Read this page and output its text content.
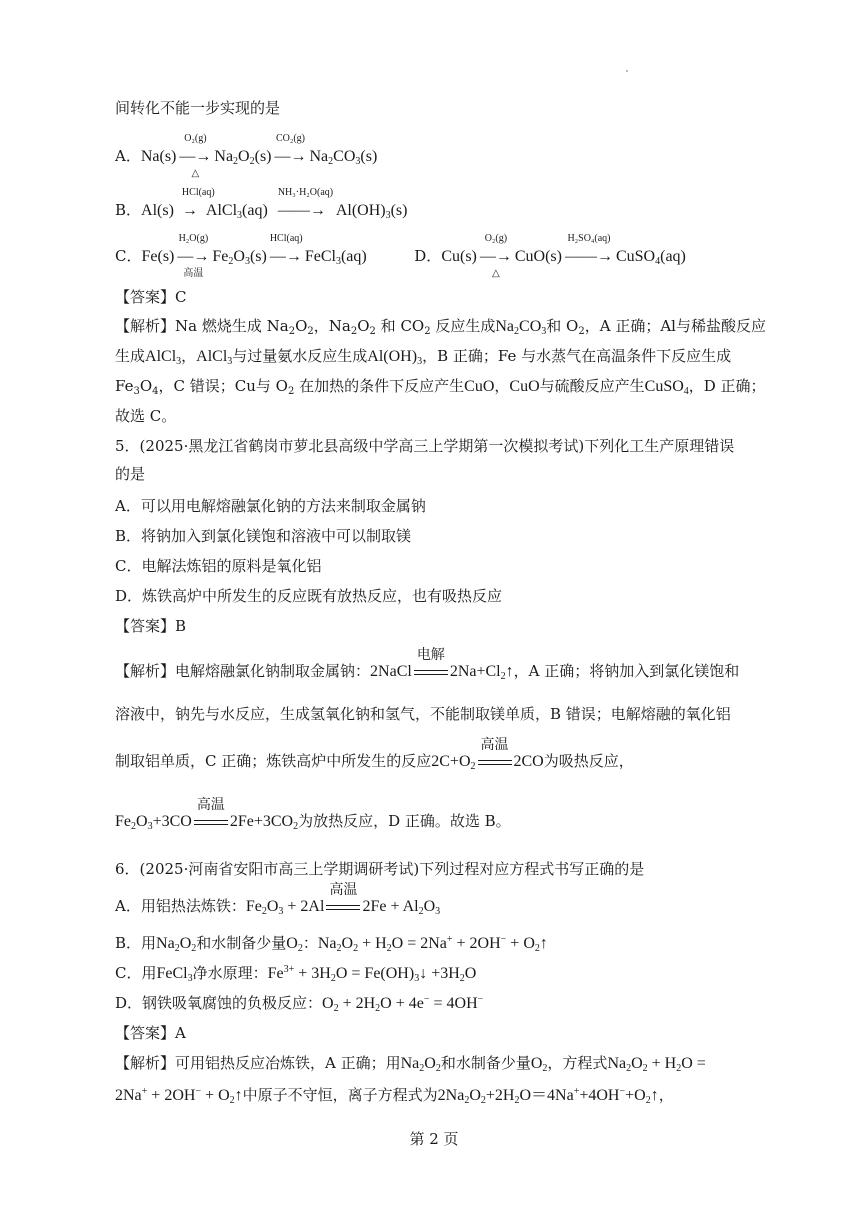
间转化不能一步实现的是
A．Na(s)
O₂(g)
—→
△
$Na_2O_2(s)$
CO₂(g)
—→ $Na_2CO_3(s)$
B．Al(s)
HCl(aq)
→ AlCl$_3$(aq)
NH₃·H₂O(aq)
——→ $Al(OH)_3(s)$
C．Fe(s)
H₂O(g)
—→
高温
$Fe_2O_3(s)$
HCl(aq)
—→ FeCl$_3$(aq)	D．Cu(s)
O₂(g)
—→
△
CuO(s)
H₂SO₄(aq)
——→ CuSO$_4$(aq)
【答案】C
【解析】Na 燃烧生成 $Na_2O_2$，$Na_2O_2$ 和 $CO_2$ 反应生成$Na_2CO_3$和 $O_2$，A 正确；Al与稀盐酸反应
生成AlCl$_3$，AlCl$_3$与过量氨水反应生成$Al(OH)_3$，B 正确；Fe 与水蒸气在高温条件下反应生成
$Fe_3O_4$，C 错误；Cu与 $O_2$ 在加热的条件下反应产生CuO，CuO与硫酸反应产生CuSO$_4$，D 正确；
故选 C。
5．(2025·黑龙江省鹤岗市萝北县高级中学高三上学期第一次模拟考试)下列化工生产原理错误
的是
A．可以用电解熔融氯化钠的方法来制取金属钠
B．将钠加入到氯化镁饱和溶液中可以制取镁
C．电解法炼铝的原料是氧化铝
D．炼铁高炉中所发生的反应既有放热反应，也有吸热反应
【答案】B
【解析】电解熔融氯化钠制取金属钠：2NaCl
电解
$2Na+Cl_2↑$，A 正确；将钠加入到氯化镁饱和
溶液中，钠先与水反应，生成氢氧化钠和氢气，不能制取镁单质，B 错误；电解熔融的氧化铝
制取铝单质，C 正确；炼铁高炉中所发生的反应$2C+O_2$
高温
2CO为吸热反应，
$Fe_2O_3+3CO$
高温
$2Fe+3CO_2$为放热反应，D 正确。故选 B。
6．(2025·河南省安阳市高三上学期调研考试)下列过程对应方程式书写正确的是
A．用铝热法炼铁：$Fe_2O_3 + 2Al$
高温
$2Fe + Al_2O_3$
B．用$Na_2O_2$和水制备少量$O_2$：$Na_2O_2 + H_2O = 2Na^+ + 2OH^-$ + $O_2↑$
C．用FeCl$_3$净水原理：$Fe^{3+} + 3H_2O$ = $Fe(OH)_3↓ +3H_2O$
D．钢铁吸氧腐蚀的负极反应：$O_2 + 2H_2O + 4e^- = 4OH^-$
【答案】A
【解析】可用铝热反应冶炼铁，A 正确；用$Na_2O_2$和水制备少量$O_2$，方程式$Na_2O_2 + H_2O$ =
$2Na^+ + 2OH^- + O_2↑$中原子不守恒，离子方程式为$2Na_2O_2+2H_2O=4Na^++4OH^-+O_2↑$，
第 2 页
